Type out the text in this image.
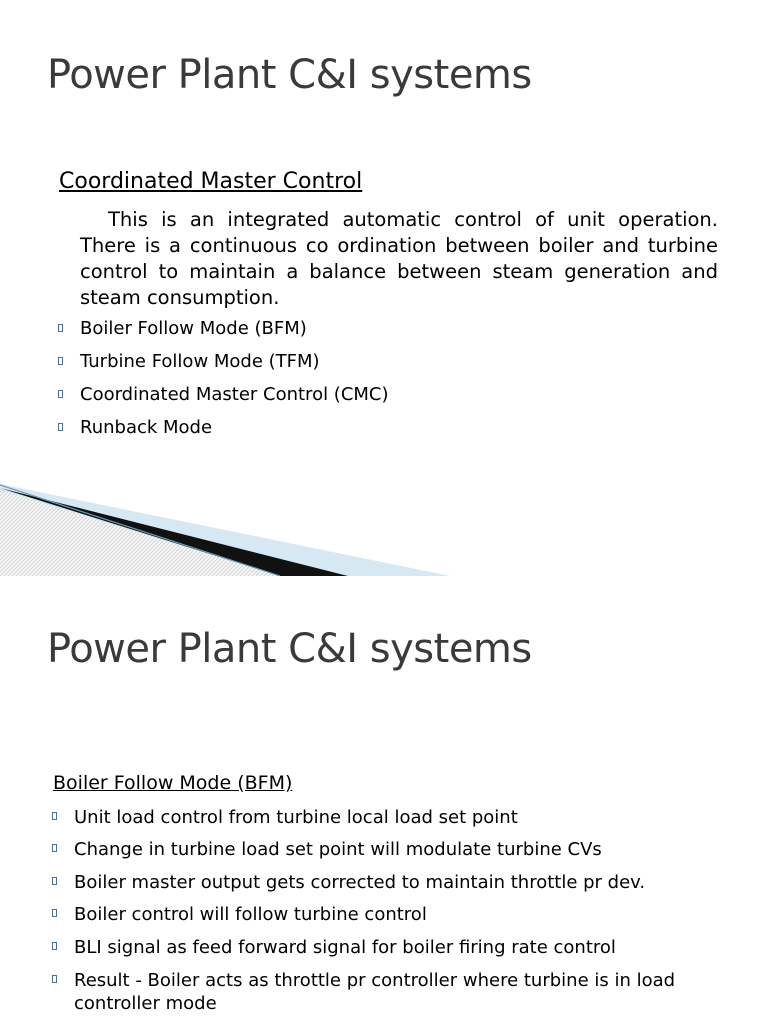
Power Plant C&I systems
Coordinated Master Control

This is an integrated automatic control of unit operation. There is a continuous co ordination between boiler and turbine control to maintain a balance between steam generation and steam consumption.

Boiler Follow Mode (BFM)
Turbine Follow Mode (TFM)
Coordinated Master Control (CMC)
Runback Mode
Power Plant C&I systems
Boiler Follow Mode (BFM)
Unit load control from turbine local load set point
Change in turbine load set point will modulate turbine CVs
Boiler master output gets corrected to maintain throttle pr dev.
Boiler control will follow turbine control
BLI signal as feed forward signal for boiler firing rate control
Result - Boiler acts as throttle pr controller where turbine is in load
controller mode
